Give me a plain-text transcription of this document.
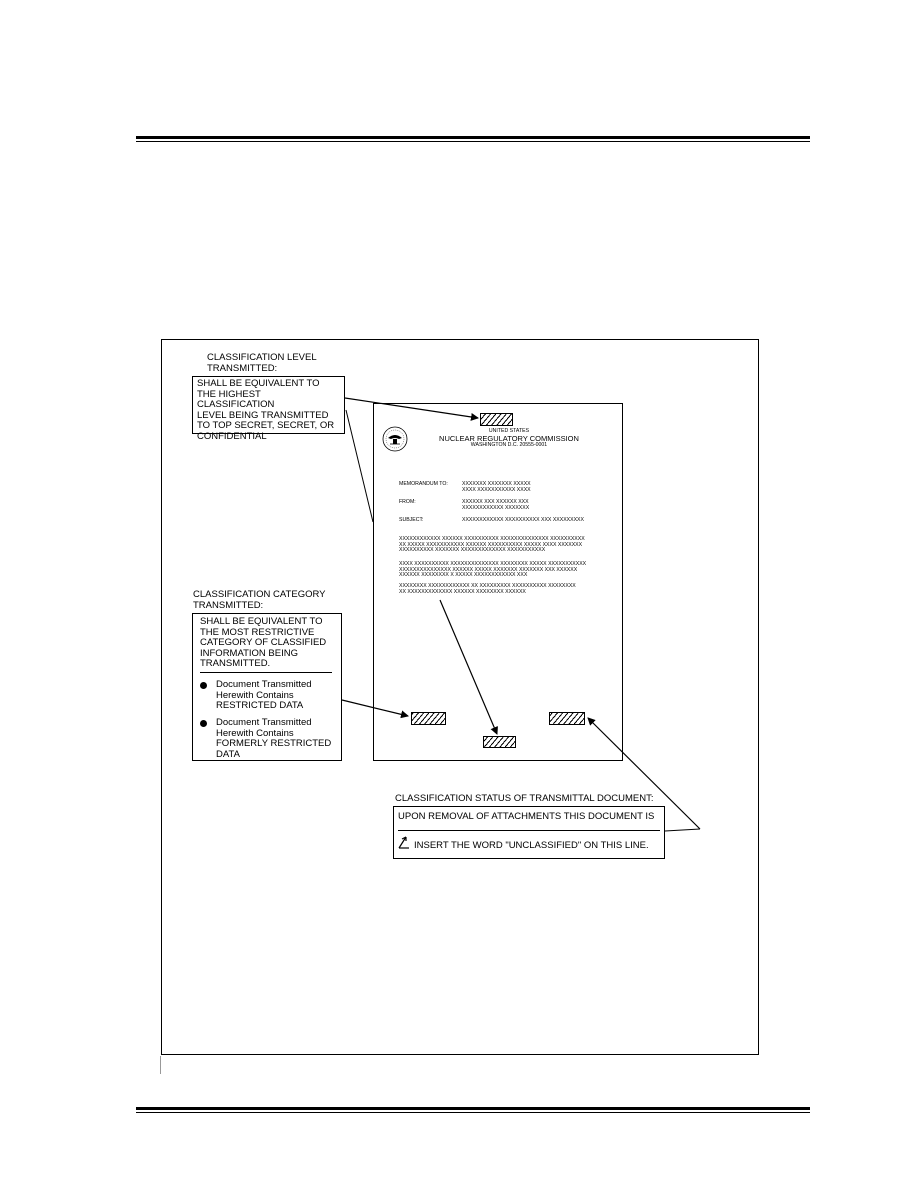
CLASSIFICATION LEVEL
TRANSMITTED:
SHALL BE EQUIVALENT TO
THE HIGHEST CLASSIFICATION
LEVEL BEING TRANSMITTED
TO TOP SECRET, SECRET, OR
CONFIDENTIAL
CLASSIFICATION CATEGORY
TRANSMITTED:
SHALL BE EQUIVALENT TO
THE MOST RESTRICTIVE
CATEGORY OF CLASSIFIED
INFORMATION BEING
TRANSMITTED.
Document Transmitted
Herewith Contains
RESTRICTED DATA
Document Transmitted
Herewith Contains
FORMERLY RESTRICTED
DATA
UNITED STATES
NUCLEAR REGULATORY COMMISSION
WASHINGTON D.C. 20555-0001
MEMORANDUM TO:	XXXXXXX XXXXXXX XXXXX
XXXX XXXXXXXXXXX XXXX
FROM:	XXXXXX XXX XXXXXX XXX
XXXXXXXXXXXX XXXXXXX
SUBJECT:	XXXXXXXXXXXX XXXXXXXXXX XXX XXXXXXXXX
XXXXXXXXXXXX XXXXXX XXXXXXXXXX XXXXXXXXXXXXXX XXXXXXXXXX
XX XXXXX XXXXXXXXXXX XXXXXX XXXXXXXXXX XXXXX XXXX XXXXXXX
XXXXXXXXXX XXXXXXX XXXXXXXXXXXXX XXXXXXXXXXX
XXXX XXXXXXXXXX XXXXXXXXXXXXXX XXXXXXXX XXXXX XXXXXXXXXXX
XXXXXXXXXXXXXXX XXXXXX XXXXX XXXXXXX XXXXXXX XXX XXXXXX
XXXXXX XXXXXXXX X XXXXX XXXXXXXXXXXX XXX
XXXXXXXX XXXXXXXXXXXX XX XXXXXXXXX XXXXXXXXXX XXXXXXXX
XX XXXXXXXXXXXXX XXXXXX XXXXXXXX XXXXXX
CLASSIFICATION STATUS OF TRANSMITTAL DOCUMENT:
UPON REMOVAL OF ATTACHMENTS THIS DOCUMENT IS
INSERT THE WORD "UNCLASSIFIED" ON THIS LINE.
